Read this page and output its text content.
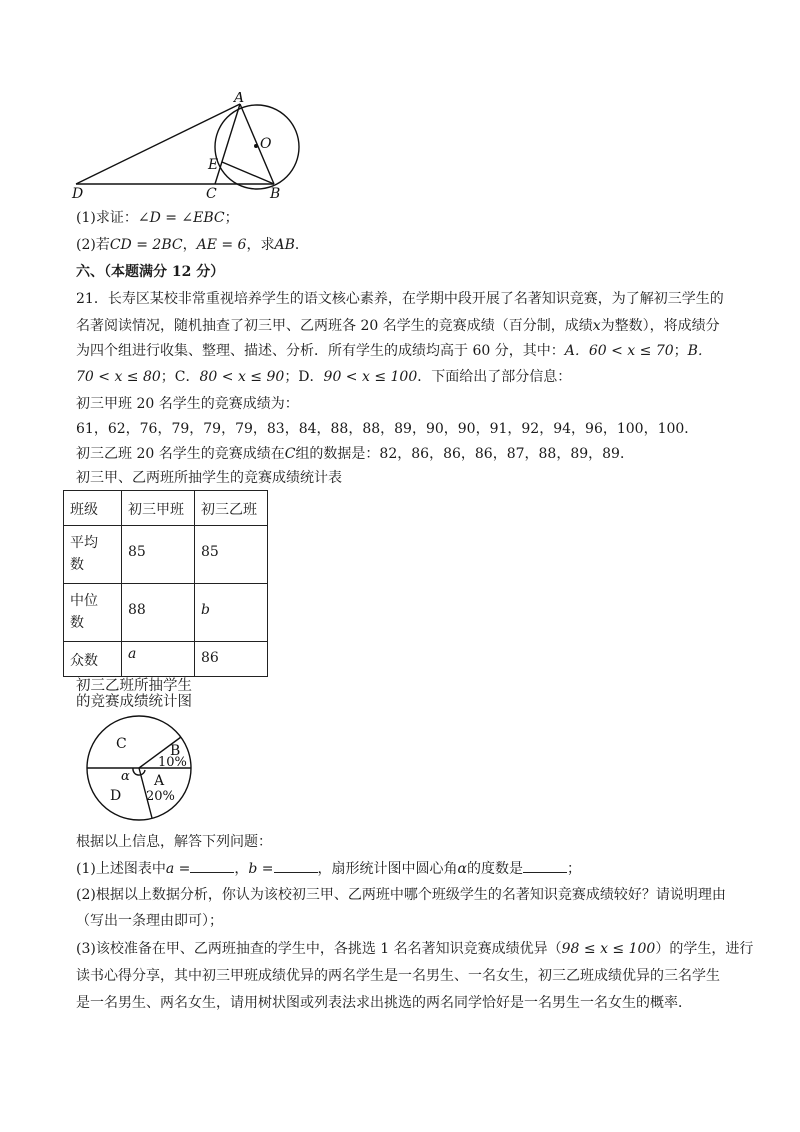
A
O
E
D	C	B
(1)求证：∠D = ∠EBC；
(2)若CD = 2BC，AE = 6，求AB．
六、（本题满分 12 分）
21．长寿区某校非常重视培养学生的语文核心素养，在学期中段开展了名著知识竞赛，为了解初三学生的
名著阅读情况，随机抽查了初三甲、乙两班各 20 名学生的竞赛成绩（百分制，成绩x为整数），将成绩分
为四个组进行收集、整理、描述、分析．所有学生的成绩均高于 60 分，其中：A．60 < x ≤ 70；B．
70 < x ≤ 80；C．80 < x ≤ 90；D．90 < x ≤ 100．下面给出了部分信息：
初三甲班 20 名学生的竞赛成绩为：
61，62，76，79，79，79，83，84，88，88，89，90，90，91，92，94，96，100，100．
初三乙班 20 名学生的竞赛成绩在C组的数据是：82，86，86，86，87，88，89，89．
初三甲、乙两班所抽学生的竞赛成绩统计表
班级	初三甲班	初三乙班
平均
数	85	85
中位
数	88	b
众数	a	86
初三乙班所抽学生
的竞赛成绩统计图
C	B
10%
A
20%
D
α
根据以上信息，解答下列问题：
(1)上述图表中a =	，b =	，扇形统计图中圆心角α的度数是	；
(2)根据以上数据分析，你认为该校初三甲、乙两班中哪个班级学生的名著知识竞赛成绩较好？请说明理由
（写出一条理由即可）；
(3)该校准备在甲、乙两班抽查的学生中，各挑选 1 名名著知识竞赛成绩优异（98 ≤ x ≤ 100）的学生，进行
读书心得分享，其中初三甲班成绩优异的两名学生是一名男生、一名女生，初三乙班成绩优异的三名学生
是一名男生、两名女生，请用树状图或列表法求出挑选的两名同学恰好是一名男生一名女生的概率．
